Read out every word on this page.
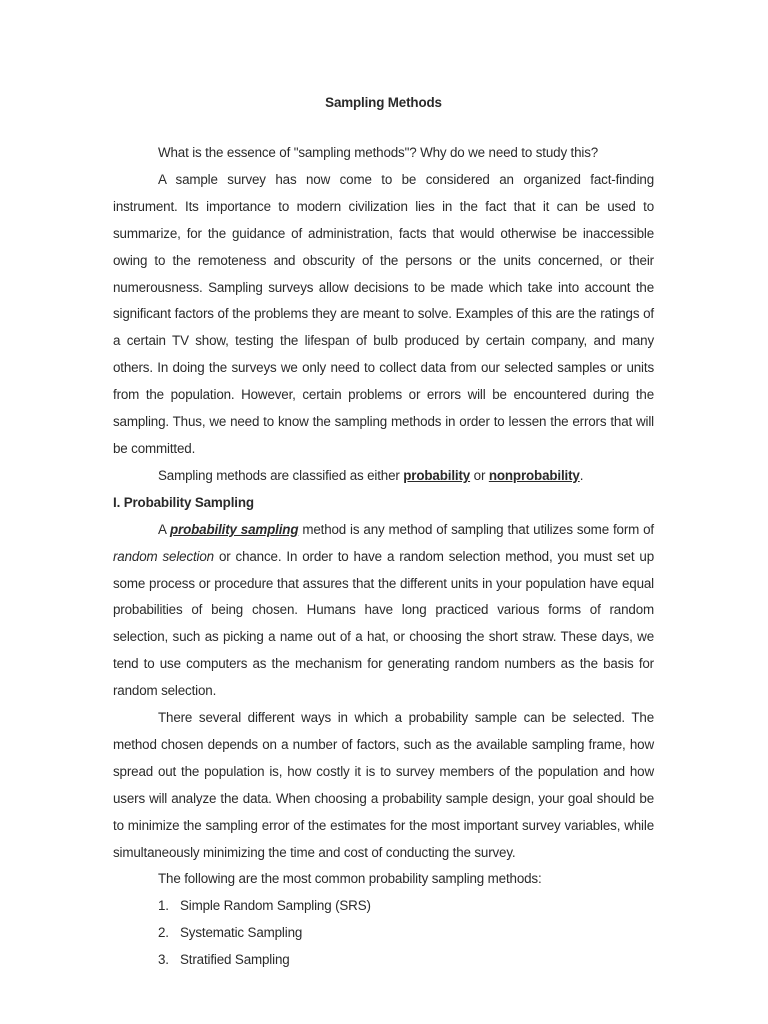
Sampling Methods

What is the essence of "sampling methods"? Why do we need to study this?

A sample survey has now come to be considered an organized fact-finding instrument. Its importance to modern civilization lies in the fact that it can be used to summarize, for the guidance of administration, facts that would otherwise be inaccessible owing to the remoteness and obscurity of the persons or the units concerned, or their numerousness. Sampling surveys allow decisions to be made which take into account the significant factors of the problems they are meant to solve. Examples of this are the ratings of a certain TV show, testing the lifespan of bulb produced by certain company, and many others. In doing the surveys we only need to collect data from our selected samples or units from the population. However, certain problems or errors will be encountered during the sampling. Thus, we need to know the sampling methods in order to lessen the errors that will be committed.

Sampling methods are classified as either probability or nonprobability.

I. Probability Sampling

A probability sampling method is any method of sampling that utilizes some form of random selection or chance. In order to have a random selection method, you must set up some process or procedure that assures that the different units in your population have equal probabilities of being chosen. Humans have long practiced various forms of random selection, such as picking a name out of a hat, or choosing the short straw. These days, we tend to use computers as the mechanism for generating random numbers as the basis for random selection.

There several different ways in which a probability sample can be selected. The method chosen depends on a number of factors, such as the available sampling frame, how spread out the population is, how costly it is to survey members of the population and how users will analyze the data. When choosing a probability sample design, your goal should be to minimize the sampling error of the estimates for the most important survey variables, while simultaneously minimizing the time and cost of conducting the survey.

The following are the most common probability sampling methods:

1. Simple Random Sampling (SRS)
2. Systematic Sampling
3. Stratified Sampling
